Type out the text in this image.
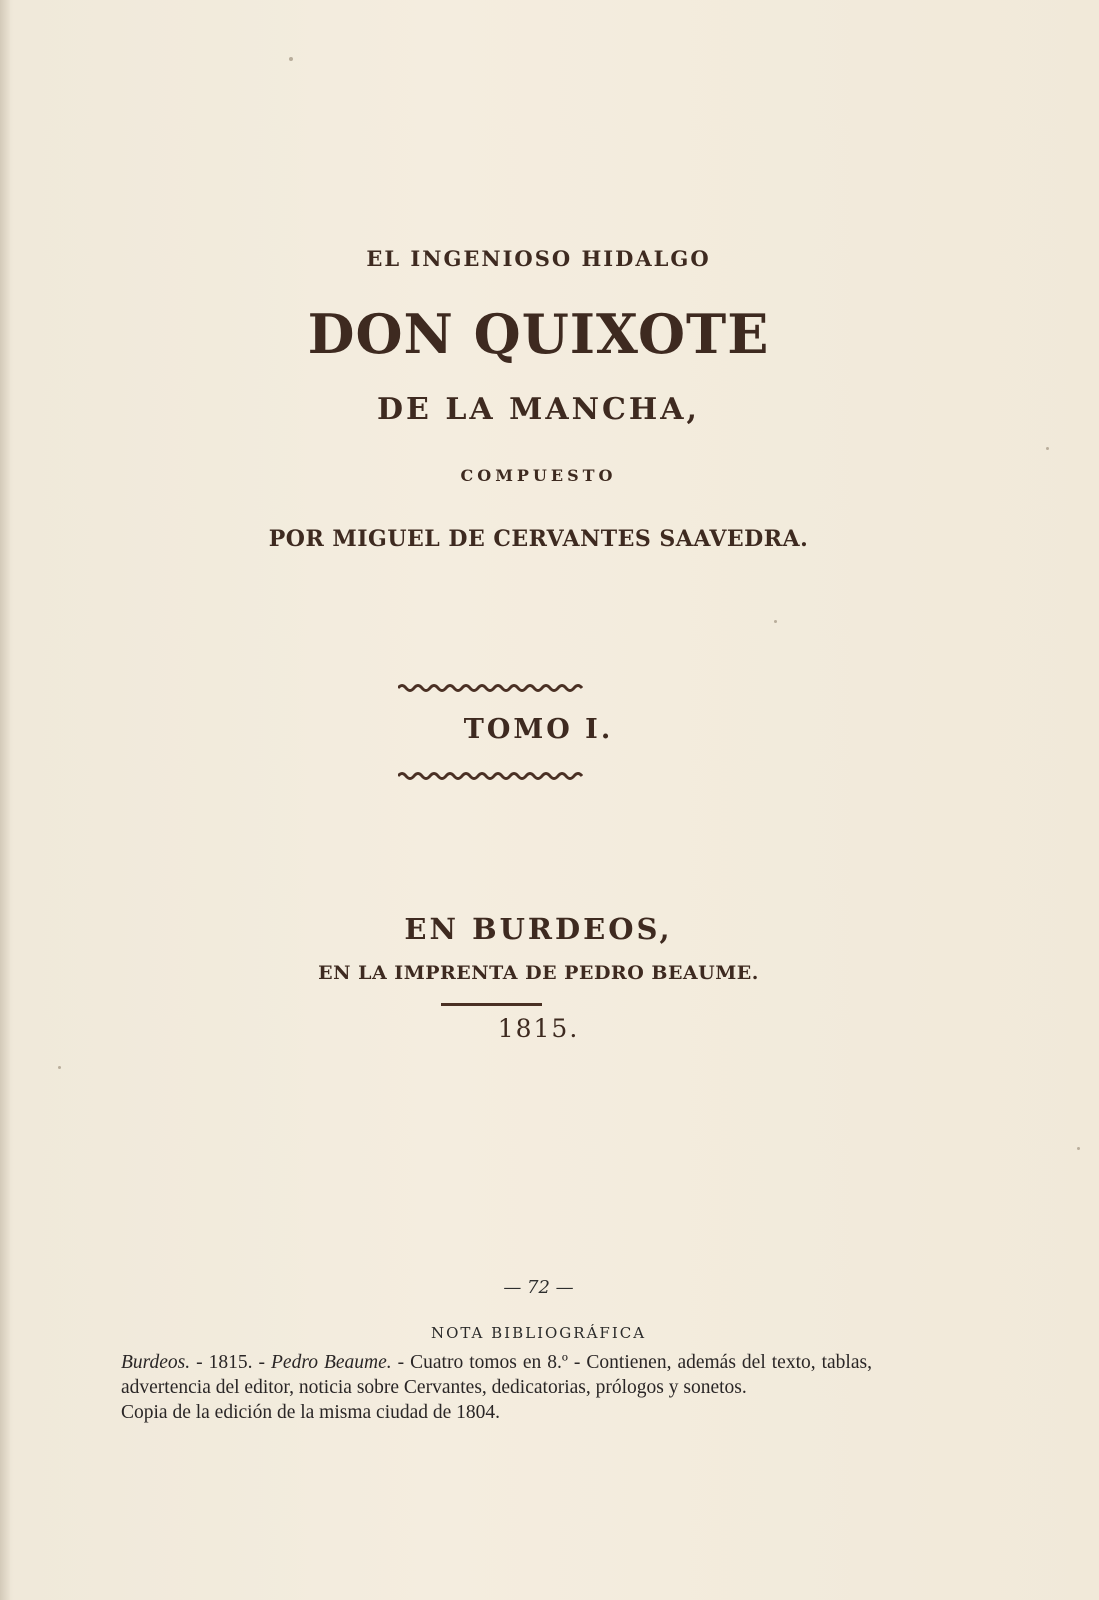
EL INGENIOSO HIDALGO
DON QUIXOTE
DE LA MANCHA,
COMPUESTO
POR MIGUEL DE CERVANTES SAAVEDRA.
TOMO I.
EN BURDEOS,
EN LA IMPRENTA DE PEDRO BEAUME.
1815.
— 72 —
NOTA BIBLIOGRÁFICA

Burdeos. - 1815. - Pedro Beaume. - Cuatro tomos en 8.º - Contienen, además del texto, tablas, advertencia del editor, noticia sobre Cervantes, dedicatorias, prólogos y sonetos.

Copia de la edición de la misma ciudad de 1804.
